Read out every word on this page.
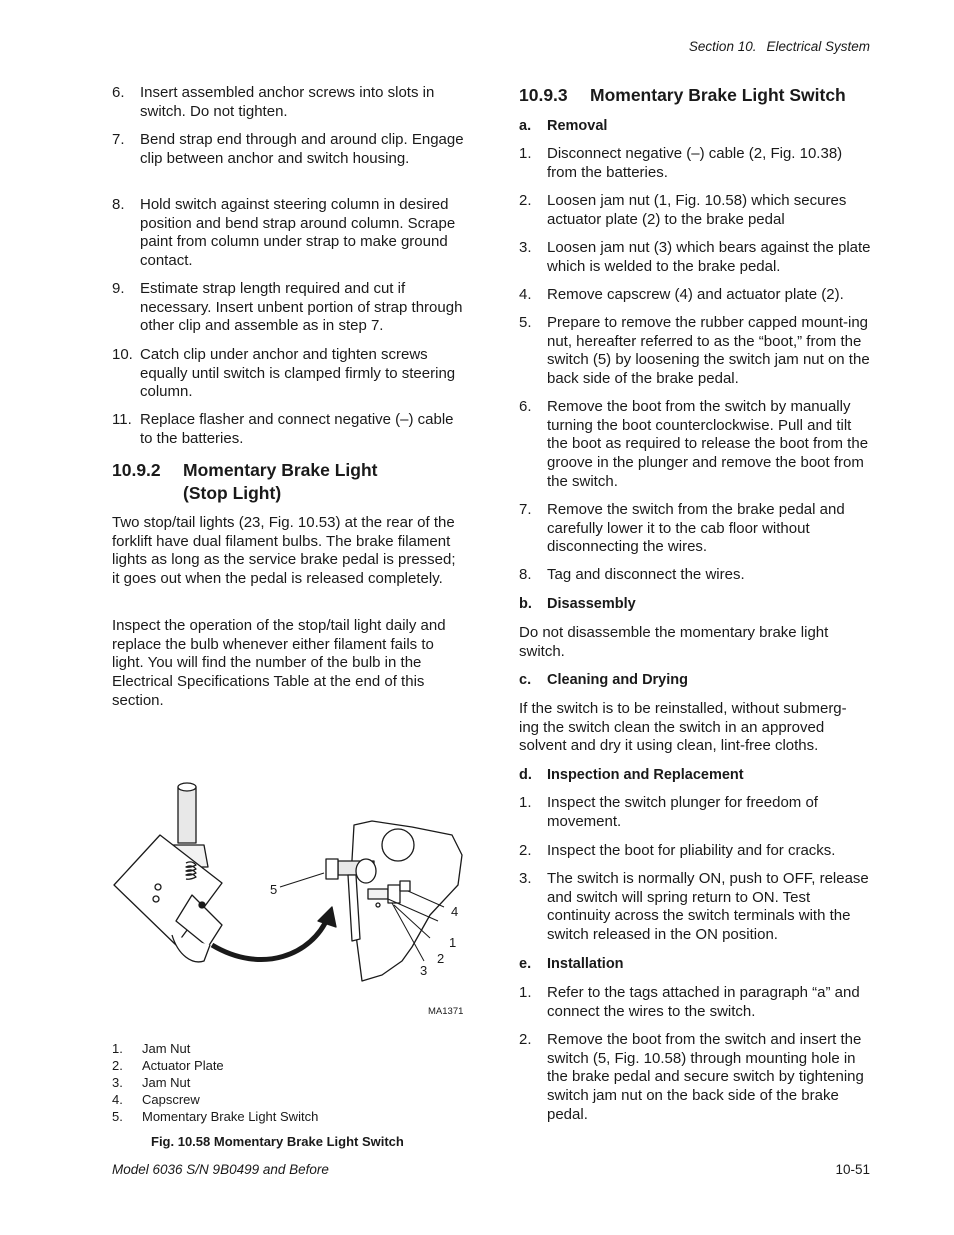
Section 10. Electrical System
6.	Insert assembled anchor screws into slots in switch. Do not tighten.
7.	Bend strap end through and around clip. Engage clip between anchor and switch housing.
8.	Hold switch against steering column in desired position and bend strap around column. Scrape paint from column under strap to make ground contact.
9.	Estimate strap length required and cut if necessary. Insert unbent portion of strap through other clip and assemble as in step 7.
10. Catch clip under anchor and tighten screws equally until switch is clamped firmly to steering column.
11. Replace flasher and connect negative (–) cable to the batteries.
10.9.2	Momentary Brake Light
(Stop Light)

Two stop/tail lights (23, Fig. 10.53) at the rear of the forklift have dual filament bulbs. The brake filament lights as long as the service brake pedal is pressed; it goes out when the pedal is released completely.

Inspect the operation of the stop/tail light daily and replace the bulb whenever either filament fails to light. You will find the number of the bulb in the Electrical Specifications Table at the end of this section.

5
4
1
2
3
MA1371
1.	Jam Nut
2.	Actuator Plate
3.	Jam Nut
4.	Capscrew
5.	Momentary Brake Light Switch
Fig. 10.58 Momentary Brake Light Switch
10.9.3	Momentary Brake Light Switch
a.	Removal
1.	Disconnect negative (–) cable (2, Fig. 10.38) from the batteries.
2.	Loosen jam nut (1, Fig. 10.58) which secures actuator plate (2) to the brake pedal
3.	Loosen jam nut (3) which bears against the plate which is welded to the brake pedal.
4.	Remove capscrew (4) and actuator plate (2).
5.	Prepare to remove the rubber capped mount-ing nut, hereafter referred to as the “boot,” from the switch (5) by loosening the switch jam nut on the back side of the brake pedal.
6.	Remove the boot from the switch by manually turning the boot counterclockwise. Pull and tilt the boot as required to release the boot from the groove in the plunger and remove the boot from the switch.
7.	Remove the switch from the brake pedal and carefully lower it to the cab floor without disconnecting the wires.
8.	Tag and disconnect the wires.
b.	Disassembly

Do not disassemble the momentary brake light switch.

c.	Cleaning and Drying

If the switch is to be reinstalled, without submerg-ing the switch clean the switch in an approved solvent and dry it using clean, lint-free cloths.

d.	Inspection and Replacement
1.	Inspect the switch plunger for freedom of movement.
2.	Inspect the boot for pliability and for cracks.
3.	The switch is normally ON, push to OFF, release and switch will spring return to ON. Test continuity across the switch terminals with the switch released in the ON position.
e.	Installation
1.	Refer to the tags attached in paragraph “a” and connect the wires to the switch.
2.	Remove the boot from the switch and insert the switch (5, Fig. 10.58) through mounting hole in the brake pedal and secure switch by tightening switch jam nut on the back side of the brake pedal.
Model 6036 S/N 9B0499 and Before	10-51
